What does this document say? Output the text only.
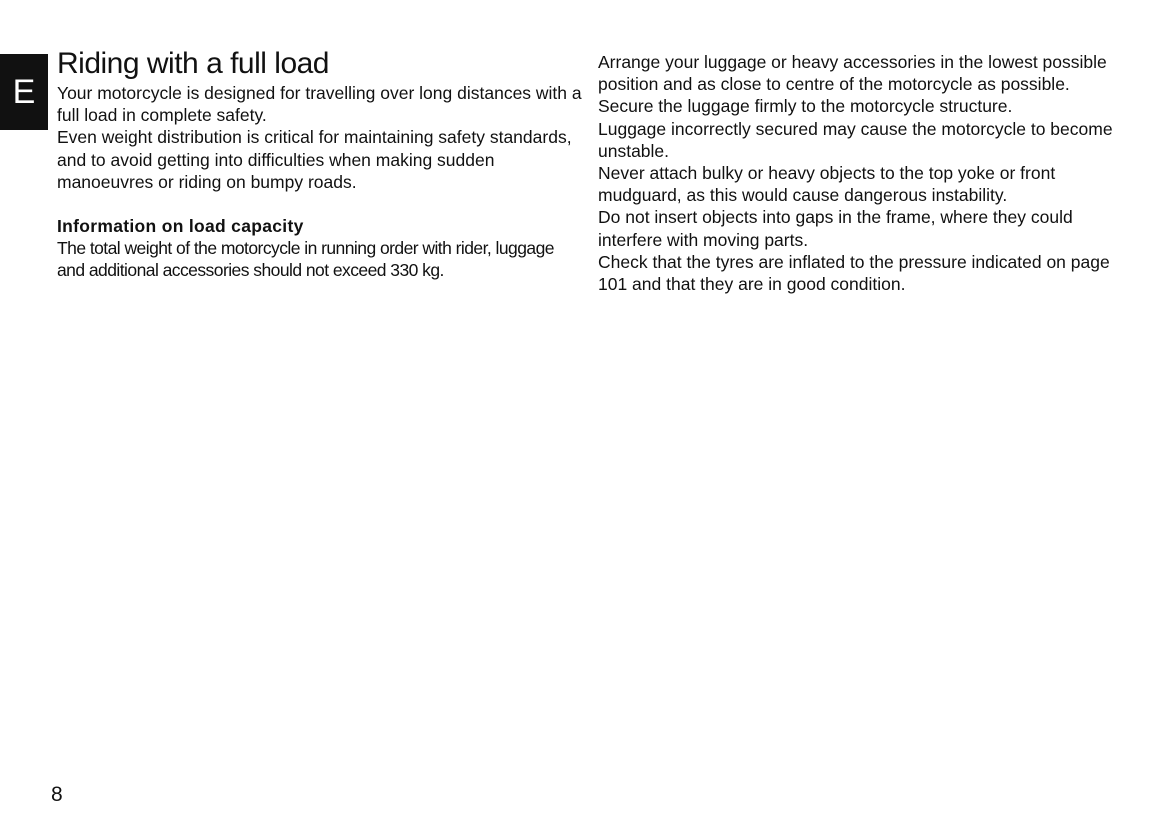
E
Riding with a full load

Your motorcycle is designed for travelling over long distances with a full load in complete safety.

Even weight distribution is critical for maintaining safety standards, and to avoid getting into difficulties when making sudden manoeuvres or riding on bumpy roads.

Information on load capacity

The total weight of the motorcycle in running order with rider, luggage and additional accessories should not exceed 330 kg.

Arrange your luggage or heavy accessories in the lowest possible position and as close to centre of the motorcycle as possible.

Secure the luggage firmly to the motorcycle structure.

Luggage incorrectly secured may cause the motorcycle to become unstable.

Never attach bulky or heavy objects to the top yoke or front mudguard, as this would cause dangerous instability.

Do not insert objects into gaps in the frame, where they could interfere with moving parts.

Check that the tyres are inflated to the pressure indicated on page 101 and that they are in good condition.

8
